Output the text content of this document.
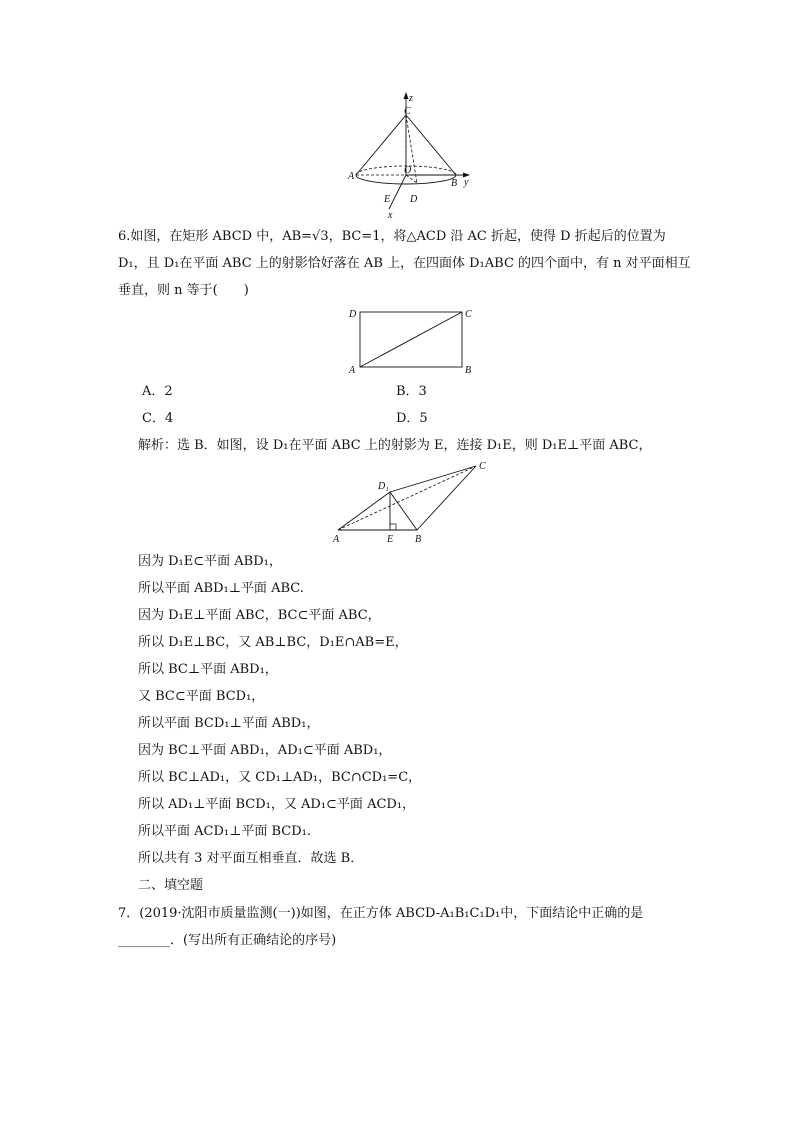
z
C
A
O
B y
E D
x
6.如图，在矩形 ABCD 中，AB=√3，BC=1，将△ACD 沿 AC 折起，使得 D 折起后的位置为
D₁，且 D₁在平面 ABC 上的射影恰好落在 AB 上，在四面体 D₁ABC 的四个面中，有 n 对平面相互
垂直，则 n 等于(　　)
D	C
A	B
A．2	B．3
C．4	D．5
解析：选 B．如图，设 D₁在平面 ABC 上的射影为 E，连接 D₁E，则 D₁E⊥平面 ABC，
D₁
C
A	E B
因为 D₁E⊂平面 ABD₁，
所以平面 ABD₁⊥平面 ABC.
因为 D₁E⊥平面 ABC，BC⊂平面 ABC，
所以 D₁E⊥BC，又 AB⊥BC，D₁E∩AB=E，
所以 BC⊥平面 ABD₁，
又 BC⊂平面 BCD₁，
所以平面 BCD₁⊥平面 ABD₁，
因为 BC⊥平面 ABD₁，AD₁⊂平面 ABD₁，
所以 BC⊥AD₁，又 CD₁⊥AD₁，BC∩CD₁=C，
所以 AD₁⊥平面 BCD₁，又 AD₁⊂平面 ACD₁，
所以平面 ACD₁⊥平面 BCD₁.
所以共有 3 对平面互相垂直．故选 B．
二、填空题
7．(2019·沈阳市质量监测(一))如图，在正方体 ABCD-A₁B₁C₁D₁中，下面结论中正确的是
________．(写出所有正确结论的序号)
